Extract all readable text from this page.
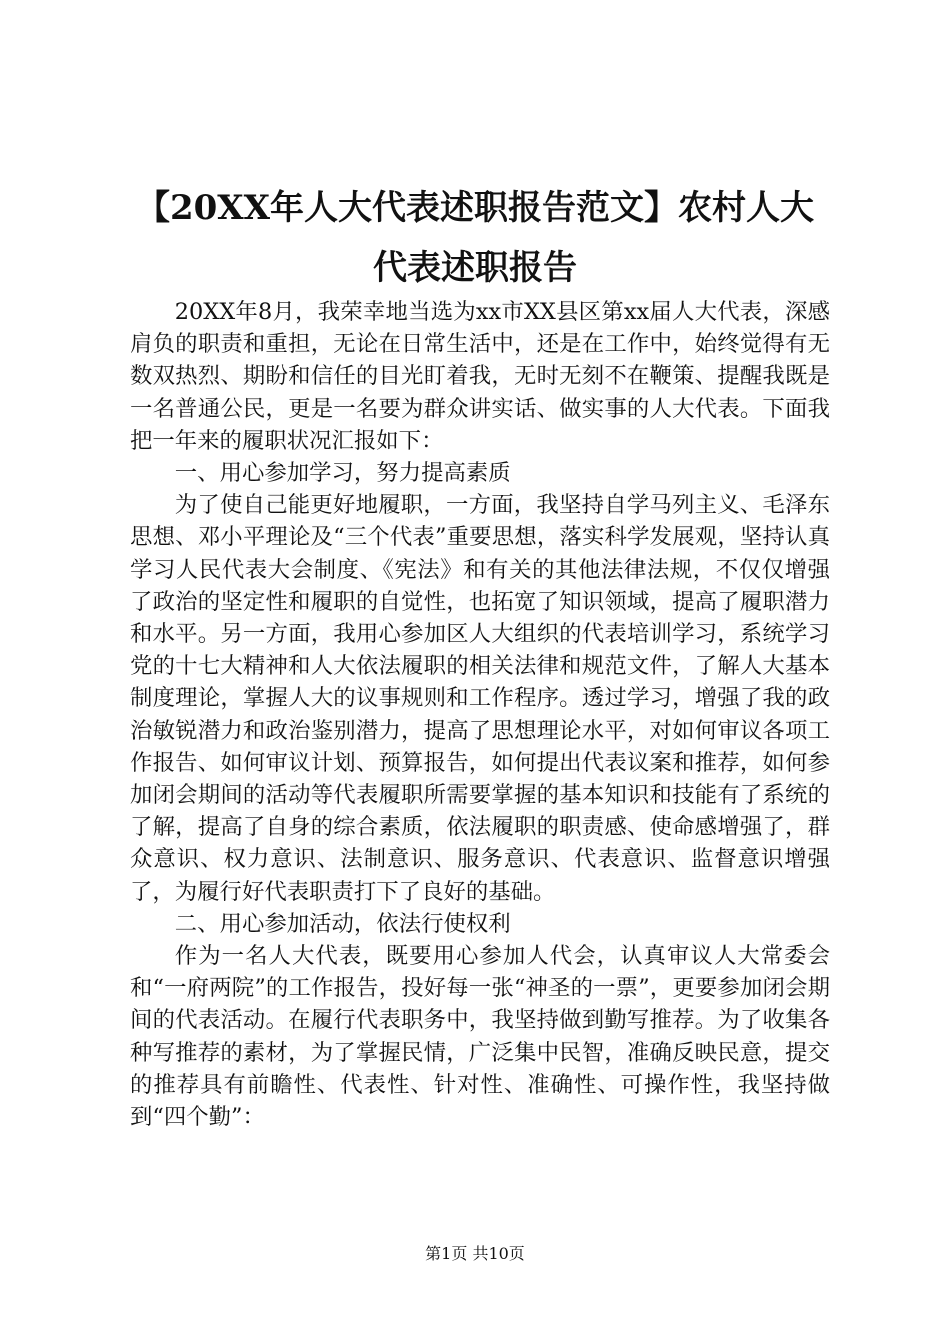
【20XX年人大代表述职报告范文】农村人大代表述职报告

20XX年8月，我荣幸地当选为xx市XX县区第xx届人大代表，深感肩负的职责和重担，无论在日常生活中，还是在工作中，始终觉得有无数双热烈、期盼和信任的目光盯着我，无时无刻不在鞭策、提醒我既是一名普通公民，更是一名要为群众讲实话、做实事的人大代表。下面我把一年来的履职状况汇报如下：

一、用心参加学习，努力提高素质

为了使自己能更好地履职，一方面，我坚持自学马列主义、毛泽东思想、邓小平理论及“三个代表”重要思想，落实科学发展观，坚持认真学习人民代表大会制度、《宪法》和有关的其他法律法规，不仅仅增强了政治的坚定性和履职的自觉性，也拓宽了知识领域，提高了履职潜力和水平。另一方面，我用心参加区人大组织的代表培训学习，系统学习党的十七大精神和人大依法履职的相关法律和规范文件，了解人大基本制度理论，掌握人大的议事规则和工作程序。透过学习，增强了我的政治敏锐潜力和政治鉴别潜力，提高了思想理论水平，对如何审议各项工作报告、如何审议计划、预算报告，如何提出代表议案和推荐，如何参加闭会期间的活动等代表履职所需要掌握的基本知识和技能有了系统的了解，提高了自身的综合素质，依法履职的职责感、使命感增强了，群众意识、权力意识、法制意识、服务意识、代表意识、监督意识增强了，为履行好代表职责打下了良好的基础。

二、用心参加活动，依法行使权利

作为一名人大代表，既要用心参加人代会，认真审议人大常委会和“一府两院”的工作报告，投好每一张“神圣的一票”，更要参加闭会期间的代表活动。在履行代表职务中，我坚持做到勤写推荐。为了收集各种写推荐的素材，为了掌握民情，广泛集中民智，准确反映民意，提交的推荐具有前瞻性、代表性、针对性、准确性、可操作性，我坚持做到“四个勤”：

第1页 共10页
